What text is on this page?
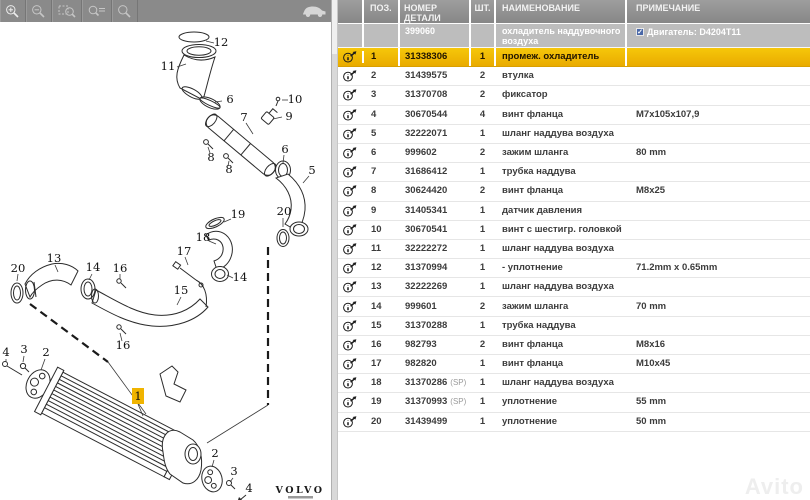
12
11
6	10
9
7
8
8
6
5
20
19
18
17
14
15
13
20	14 16
16
4 3 2
1
2
3
4 VOLVO
ПОЗ.	НОМЕР ДЕТАЛИ
ШТ.	НАИМЕНОВАНИЕ	ПРИМЕЧАНИЕ
399060	охладитель наддувочного воздуха
✓ Двигатель: D4204T11
1	31338306	1	промеж. охладитель
2	31439575	2	втулка
3	31370708	2	фиксатор
4	30670544	4	винт фланца	M7x105x107,9
5	32222071	1	шланг наддува воздуха
6	999602	2	зажим шланга	80 mm
7	31686412	1	трубка наддува
8	30624420	2	винт фланца	M8x25
9	31405341	1	датчик давления
10	30670541	1	винт с шестигр. головкой
11	32222272	1	шланг наддува воздуха
12	31370994	1	- уплотнение	71.2mm x 0.65mm
13	32222269	1	шланг наддува воздуха
14	999601	2	зажим шланга	70 mm
15	31370288	1	трубка наддува
16	982793	2	винт фланца	M8x16
17	982820	1	винт фланца	M10x45
18	31370286 (SP)	1	шланг наддува воздуха
19	31370993 (SP)	1	уплотнение	55 mm
20	31439499	1	уплотнение	50 mm
Avito
